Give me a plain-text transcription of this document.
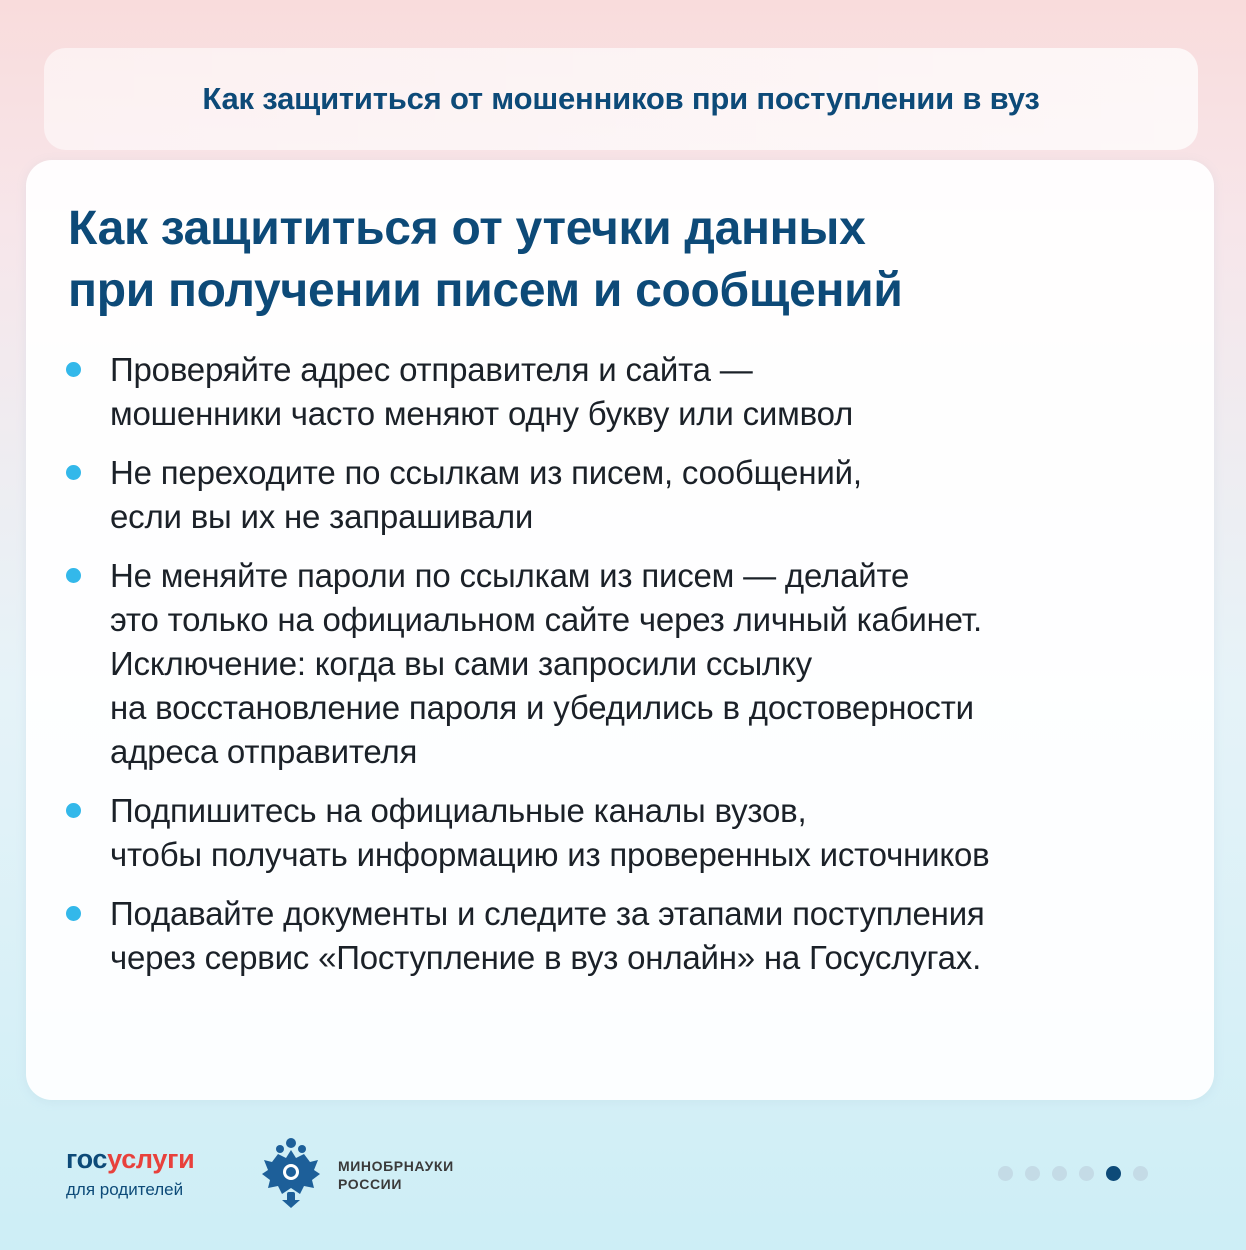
Как защититься от мошенников при поступлении в вуз
Как защититься от утечки данных
при получении писем и сообщений
Проверяйте адрес отправителя и сайта —
мошенники часто меняют одну букву или символ
Не переходите по ссылкам из писем, сообщений,
если вы их не запрашивали
Не меняйте пароли по ссылкам из писем — делайте
это только на официальном сайте через личный кабинет.
Исключение: когда вы сами запросили ссылку
на восстановление пароля и убедились в достоверности
адреса отправителя
Подпишитесь на официальные каналы вузов,
чтобы получать информацию из проверенных источников
Подавайте документы и следите за этапами поступления
через сервис «Поступление в вуз онлайн» на Госуслугах.
госуслуги
для родителей
МИНОБРНАУКИ
РОССИИ
